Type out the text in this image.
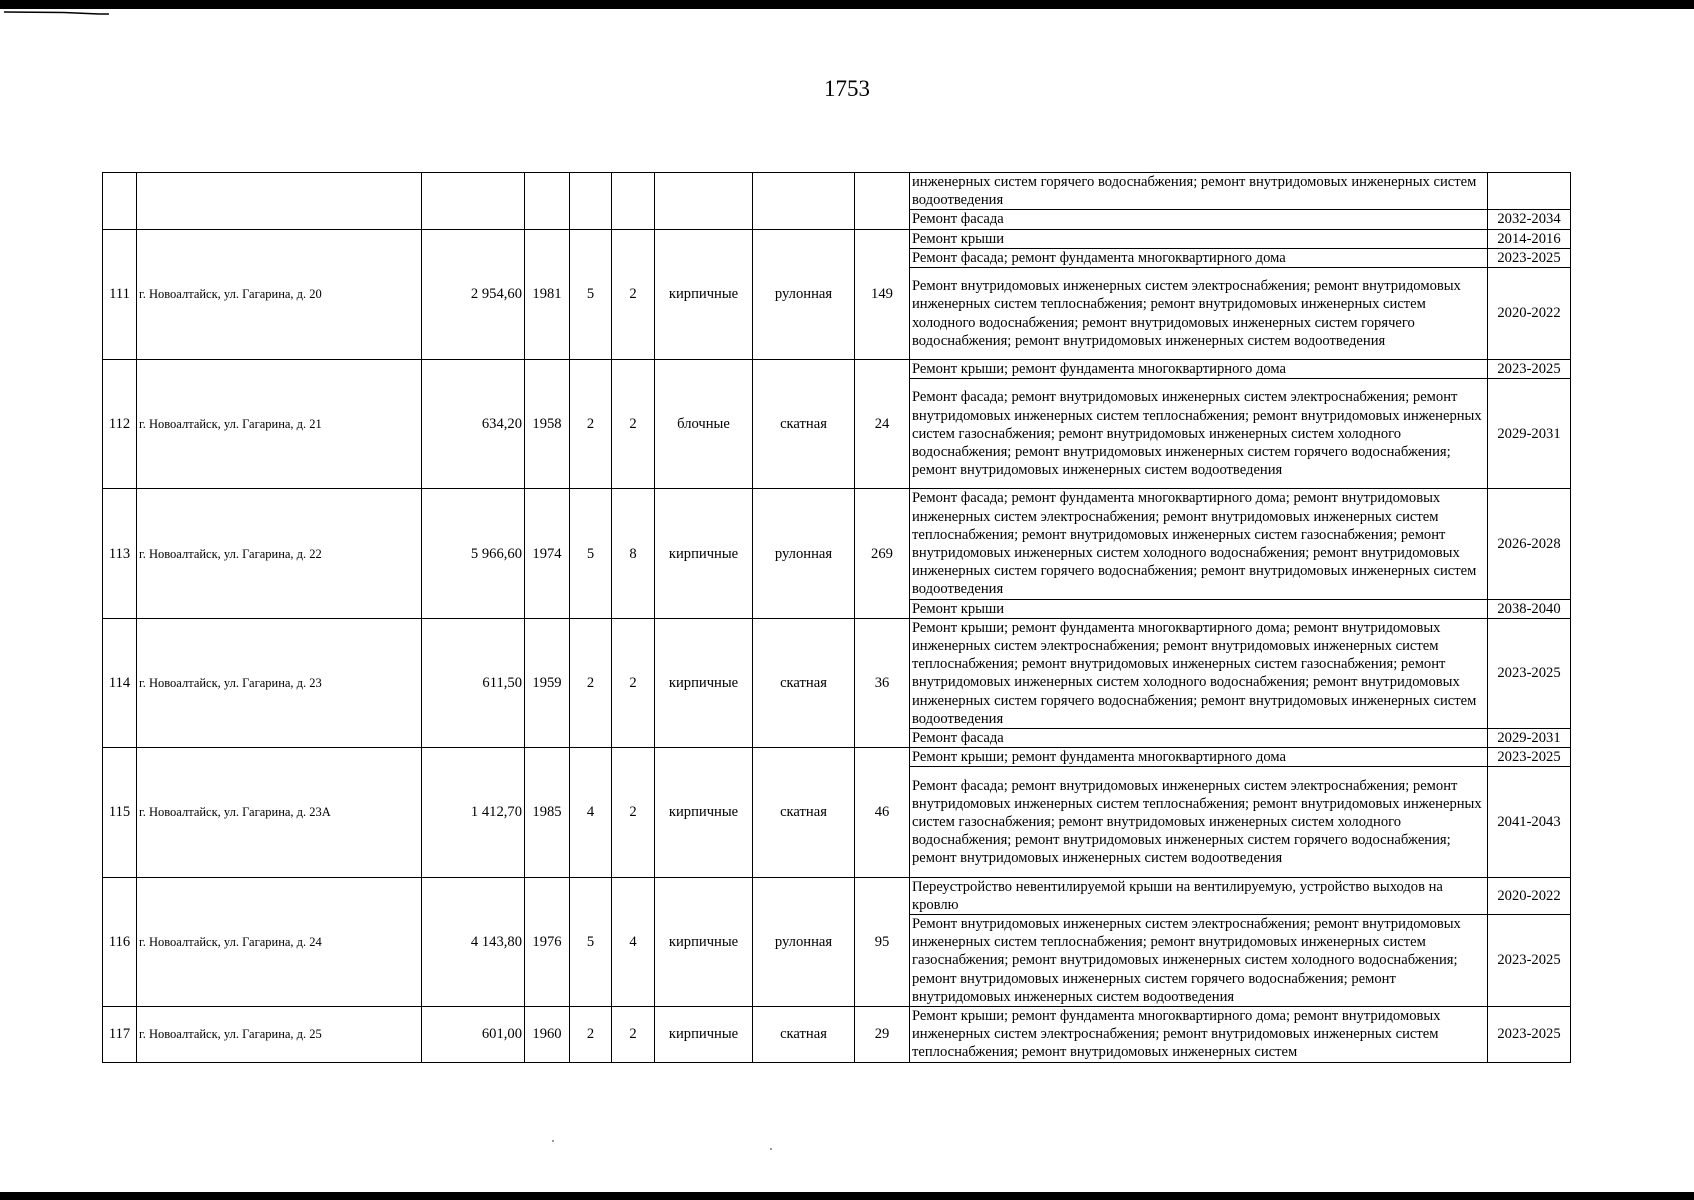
1753
									инженерных систем горячего водоснабжения; ремонт внутридомовых инженерных систем водоотведения	
									Ремонт фасада	2032-2034
111	г. Новоалтайск, ул. Гагарина, д. 20	2 954,60	1981	5	2	кирпичные	рулонная	149	Ремонт крыши	2014-2016
									Ремонт фасада; ремонт фундамента многоквартирного дома	2023-2025
									Ремонт внутридомовых инженерных систем электроснабжения; ремонт внутридомовых инженерных систем теплоснабжения; ремонт внутридомовых инженерных систем холодного водоснабжения; ремонт внутридомовых инженерных систем горячего водоснабжения; ремонт внутридомовых инженерных систем водоотведения	2020-2022
112	г. Новоалтайск, ул. Гагарина, д. 21	634,20	1958	2	2	блочные	скатная	24	Ремонт крыши; ремонт фундамента многоквартирного дома	2023-2025
									Ремонт фасада; ремонт внутридомовых инженерных систем электроснабжения; ремонт внутридомовых инженерных систем теплоснабжения; ремонт внутридомовых инженерных систем газоснабжения; ремонт внутридомовых инженерных систем холодного водоснабжения; ремонт внутридомовых инженерных систем горячего водоснабжения; ремонт внутридомовых инженерных систем водоотведения	2029-2031
113	г. Новоалтайск, ул. Гагарина, д. 22	5 966,60	1974	5	8	кирпичные	рулонная	269	Ремонт фасада; ремонт фундамента многоквартирного дома; ремонт внутридомовых инженерных систем электроснабжения; ремонт внутридомовых инженерных систем теплоснабжения; ремонт внутридомовых инженерных систем газоснабжения; ремонт внутридомовых инженерных систем холодного водоснабжения; ремонт внутридомовых инженерных систем горячего водоснабжения; ремонт внутридомовых инженерных систем водоотведения	2026-2028
									Ремонт крыши	2038-2040
114	г. Новоалтайск, ул. Гагарина, д. 23	611,50	1959	2	2	кирпичные	скатная	36	Ремонт крыши; ремонт фундамента многоквартирного дома; ремонт внутридомовых инженерных систем электроснабжения; ремонт внутридомовых инженерных систем теплоснабжения; ремонт внутридомовых инженерных систем газоснабжения; ремонт внутридомовых инженерных систем холодного водоснабжения; ремонт внутридомовых инженерных систем горячего водоснабжения; ремонт внутридомовых инженерных систем водоотведения	2023-2025
									Ремонт фасада	2029-2031
115	г. Новоалтайск, ул. Гагарина, д. 23А	1 412,70	1985	4	2	кирпичные	скатная	46	Ремонт крыши; ремонт фундамента многоквартирного дома	2023-2025
									Ремонт фасада; ремонт внутридомовых инженерных систем электроснабжения; ремонт внутридомовых инженерных систем теплоснабжения; ремонт внутридомовых инженерных систем газоснабжения; ремонт внутридомовых инженерных систем холодного водоснабжения; ремонт внутридомовых инженерных систем горячего водоснабжения; ремонт внутридомовых инженерных систем водоотведения	2041-2043
116	г. Новоалтайск, ул. Гагарина, д. 24	4 143,80	1976	5	4	кирпичные	рулонная	95	Переустройство невентилируемой крыши на вентилируемую, устройство выходов на кровлю	2020-2022
									Ремонт внутридомовых инженерных систем электроснабжения; ремонт внутридомовых инженерных систем теплоснабжения; ремонт внутридомовых инженерных систем газоснабжения; ремонт внутридомовых инженерных систем холодного водоснабжения; ремонт внутридомовых инженерных систем горячего водоснабжения; ремонт внутридомовых инженерных систем водоотведения	2023-2025
117	г. Новоалтайск, ул. Гагарина, д. 25	601,00	1960	2	2	кирпичные	скатная	29	Ремонт крыши; ремонт фундамента многоквартирного дома; ремонт внутридомовых инженерных систем электроснабжения; ремонт внутридомовых инженерных систем теплоснабжения; ремонт внутридомовых инженерных систем	2023-2025
